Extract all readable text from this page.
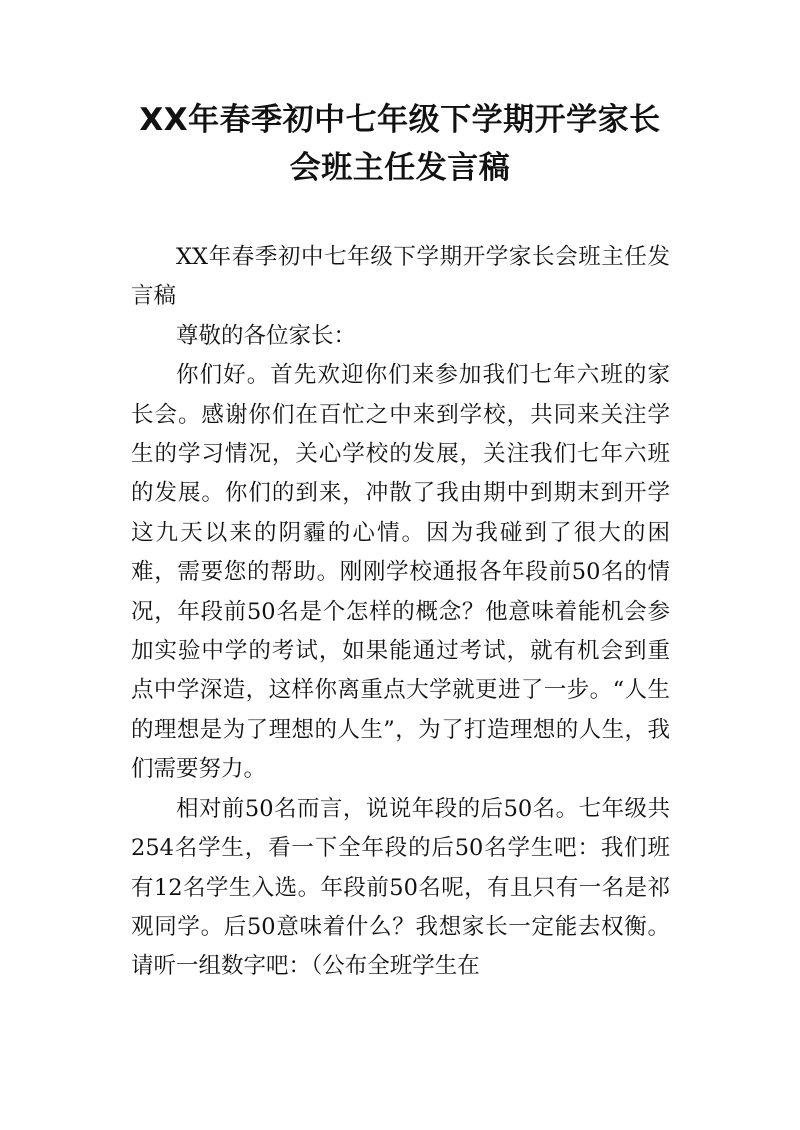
XX年春季初中七年级下学期开学家长
会班主任发言稿

XX年春季初中七年级下学期开学家长会班主任发言稿

尊敬的各位家长：

你们好。首先欢迎你们来参加我们七年六班的家长会。感谢你们在百忙之中来到学校，共同来关注学生的学习情况，关心学校的发展，关注我们七年六班的发展。你们的到来，冲散了我由期中到期末到开学这九天以来的阴霾的心情。因为我碰到了很大的困难，需要您的帮助。刚刚学校通报各年段前50名的情况，年段前50名是个怎样的概念？他意味着能机会参加实验中学的考试，如果能通过考试，就有机会到重点中学深造，这样你离重点大学就更进了一步。“人生的理想是为了理想的人生”，为了打造理想的人生，我们需要努力。

相对前50名而言，说说年段的后50名。七年级共254名学生，看一下全年段的后50名学生吧：我们班有12名学生入选。年段前50名呢，有且只有一名是祁观同学。后50意味着什么？我想家长一定能去权衡。请听一组数字吧：（公布全班学生在
